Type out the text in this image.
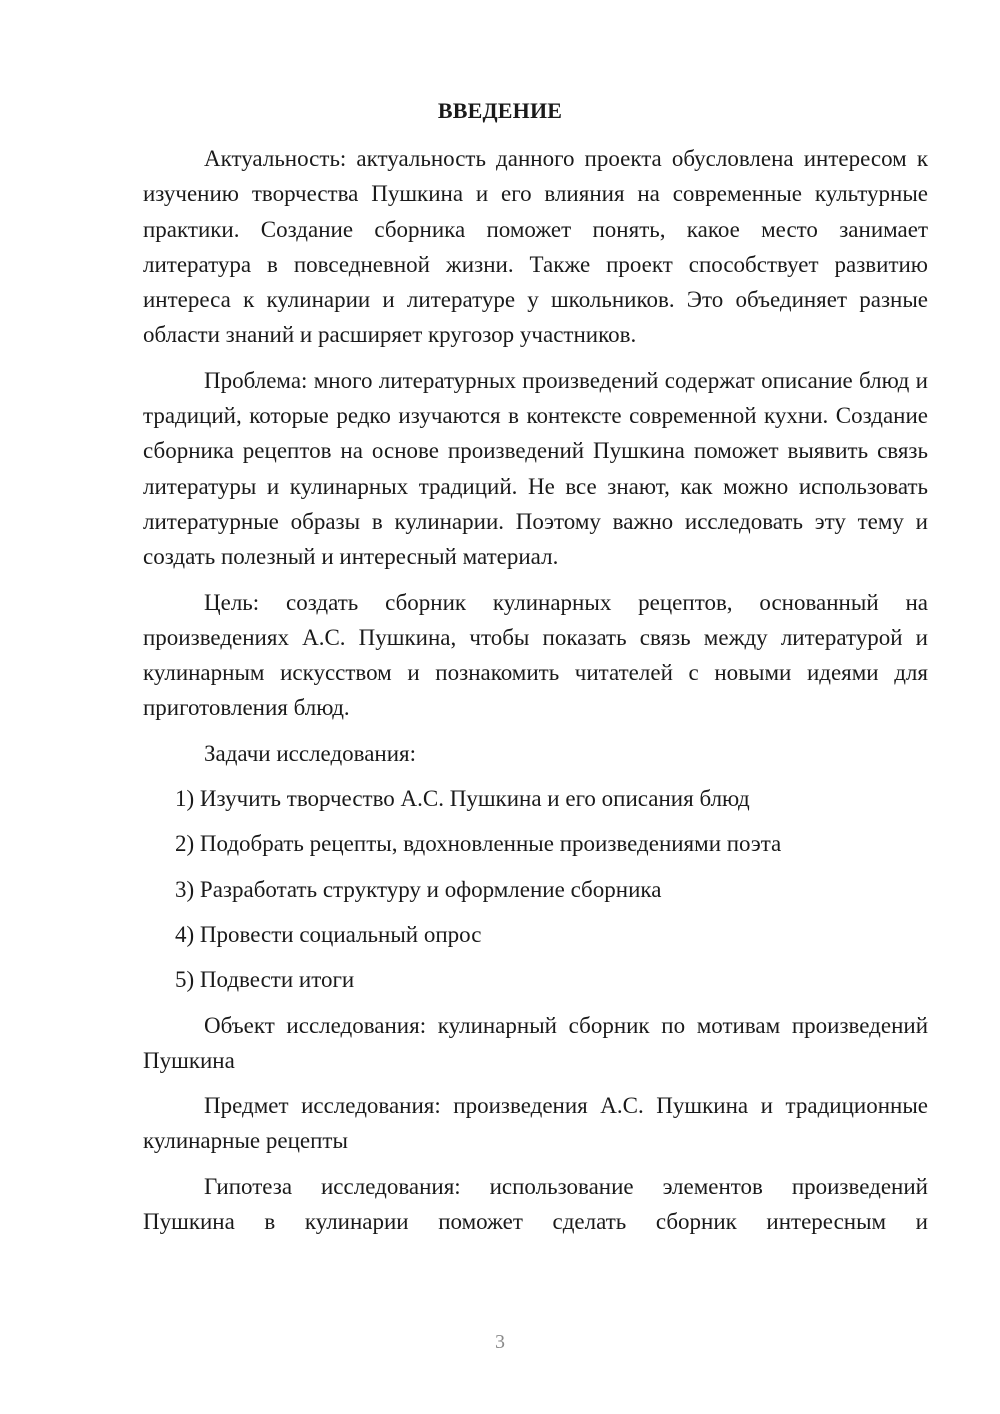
ВВЕДЕНИЕ

Актуальность: актуальность данного проекта обусловлена интересом к изучению творчества Пушкина и его влияния на современные культурные практики. Создание сборника поможет понять, какое место занимает литература в повседневной жизни. Также проект способствует развитию интереса к кулинарии и литературе у школьников. Это объединяет разные области знаний и расширяет кругозор участников.

Проблема: много литературных произведений содержат описание блюд и традиций, которые редко изучаются в контексте современной кухни. Создание сборника рецептов на основе произведений Пушкина поможет выявить связь литературы и кулинарных традиций. Не все знают, как можно использовать литературные образы в кулинарии. Поэтому важно исследовать эту тему и создать полезный и интересный материал.

Цель: создать сборник кулинарных рецептов, основанный на произведениях А.С. Пушкина, чтобы показать связь между литературой и кулинарным искусством и познакомить читателей с новыми идеями для приготовления блюд.

Задачи исследования:

1) Изучить творчество А.С. Пушкина и его описания блюд

2) Подобрать рецепты, вдохновленные произведениями поэта

3) Разработать структуру и оформление сборника

4) Провести социальный опрос

5) Подвести итоги

Объект исследования: кулинарный сборник по мотивам произведений Пушкина

Предмет исследования: произведения А.С. Пушкина и традиционные кулинарные рецепты

Гипотеза исследования: использование элементов произведений Пушкина в кулинарии поможет сделать сборник интересным и

3
